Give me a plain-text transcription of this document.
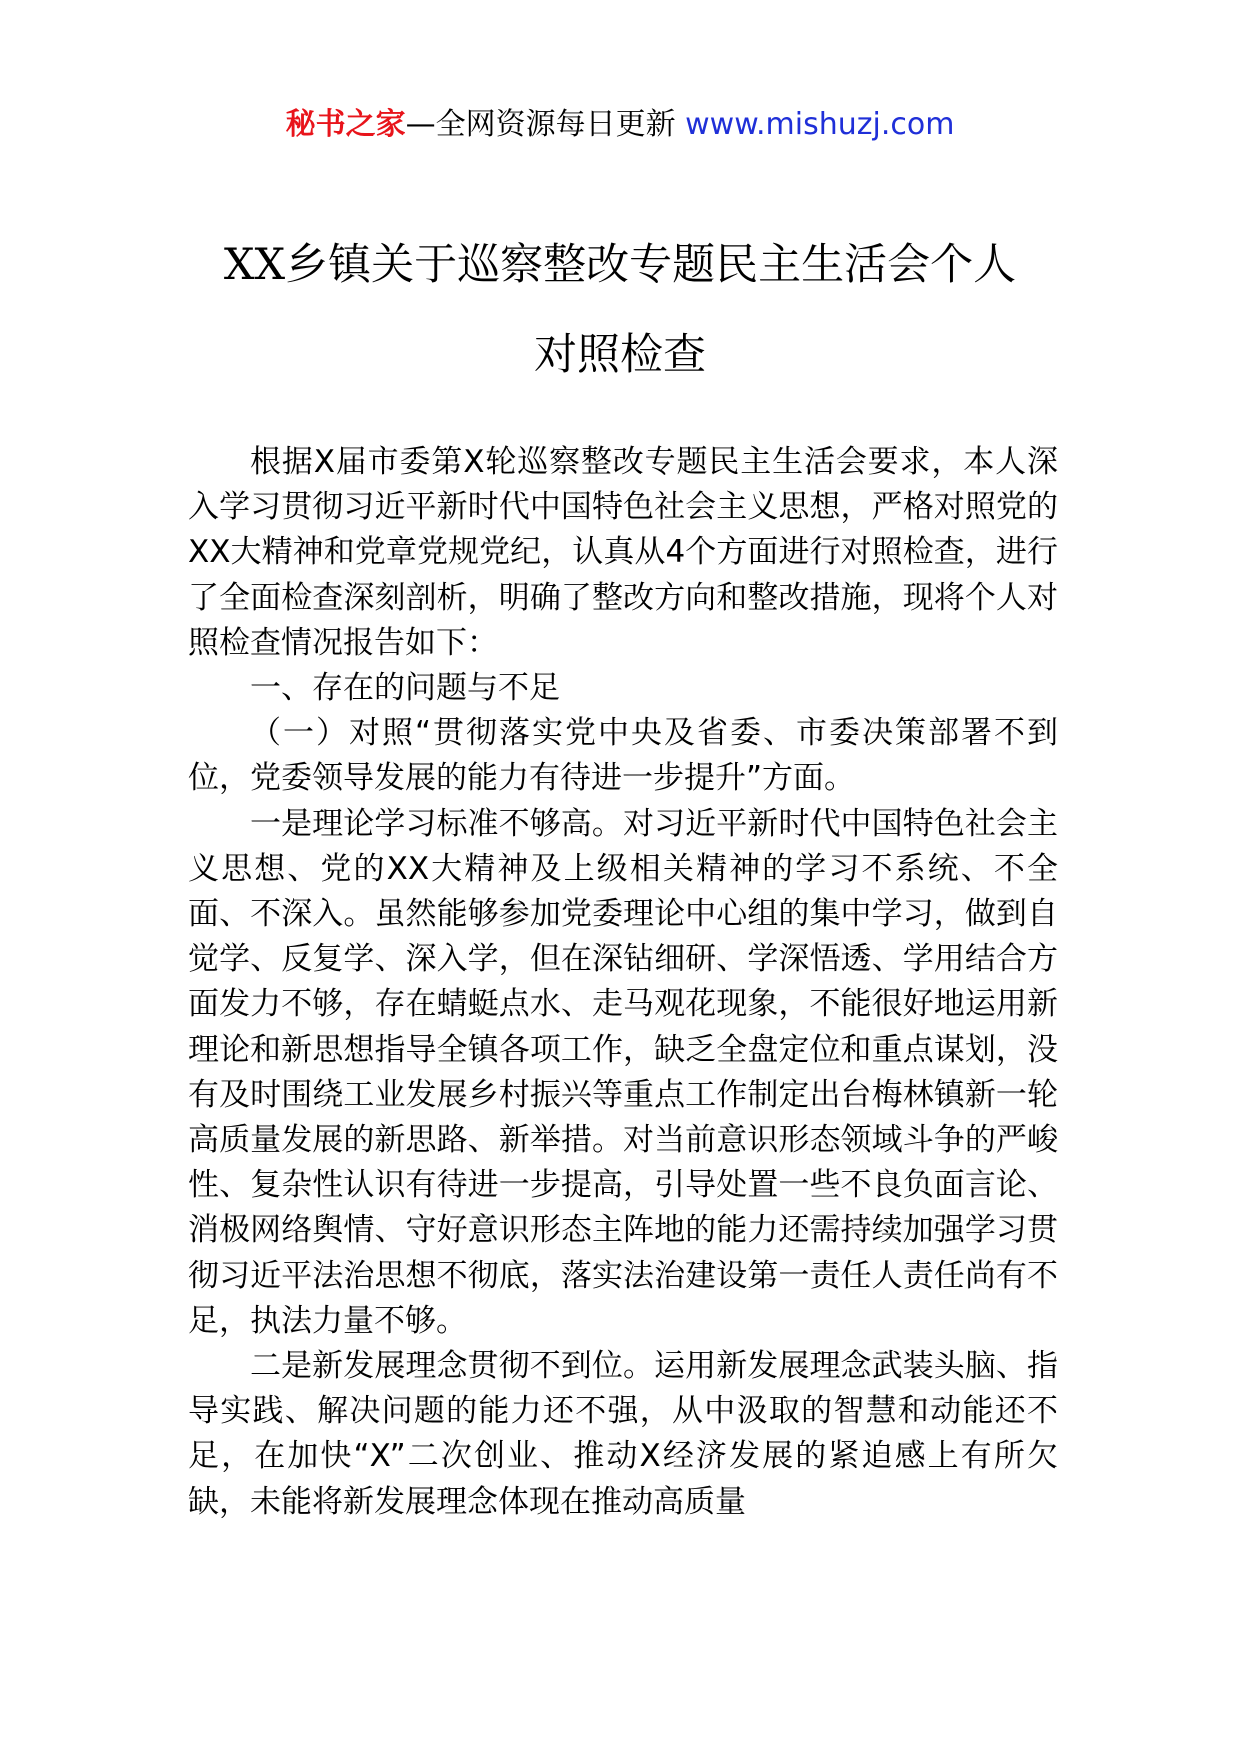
秘书之家—全网资源每日更新 www.mishuzj.com
XX乡镇关于巡察整改专题民主生活会个人
对照检查

根据X届市委第X轮巡察整改专题民主生活会要求，本人深入学习贯彻习近平新时代中国特色社会主义思想，严格对照党的XX大精神和党章党规党纪，认真从4个方面进行对照检查，进行了全面检查深刻剖析，明确了整改方向和整改措施，现将个人对照检查情况报告如下：

一、存在的问题与不足

（一）对照“贯彻落实党中央及省委、市委决策部署不到位，党委领导发展的能力有待进一步提升”方面。

一是理论学习标准不够高。对习近平新时代中国特色社会主义思想、党的XX大精神及上级相关精神的学习不系统、不全面、不深入。虽然能够参加党委理论中心组的集中学习，做到自觉学、反复学、深入学，但在深钻细研、学深悟透、学用结合方面发力不够，存在蜻蜓点水、走马观花现象，不能很好地运用新理论和新思想指导全镇各项工作，缺乏全盘定位和重点谋划，没有及时围绕工业发展乡村振兴等重点工作制定出台梅林镇新一轮高质量发展的新思路、新举措。对当前意识形态领域斗争的严峻性、复杂性认识有待进一步提高，引导处置一些不良负面言论、消极网络舆情、守好意识形态主阵地的能力还需持续加强学习贯彻习近平法治思想不彻底，落实法治建设第一责任人责任尚有不足，执法力量不够。

二是新发展理念贯彻不到位。运用新发展理念武装头脑、指导实践、解决问题的能力还不强，从中汲取的智慧和动能还不足，在加快“X”二次创业、推动X经济发展的紧迫感上有所欠缺，未能将新发展理念体现在推动高质量
